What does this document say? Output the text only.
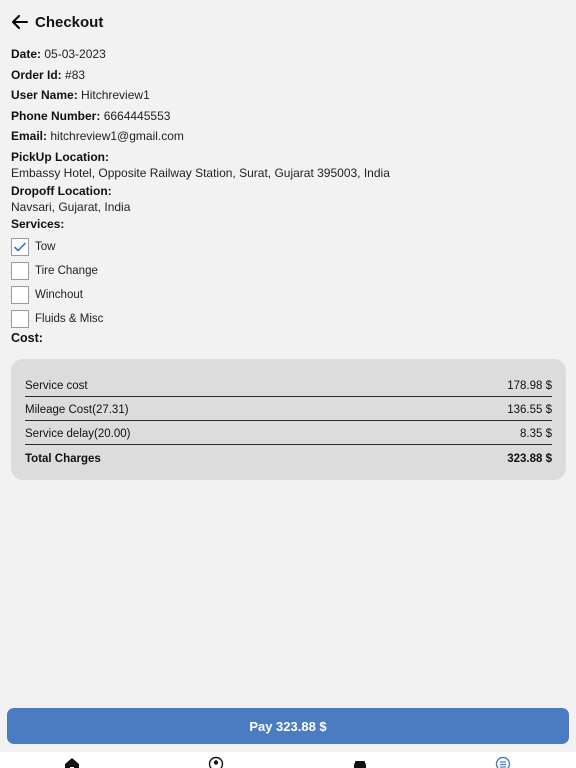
Checkout
Date: 05-03-2023
Order Id: #83
User Name: Hitchreview1
Phone Number: 6664445553
Email: hitchreview1@gmail.com
PickUp Location:
Embassy Hotel, Opposite Railway Station, Surat, Gujarat 395003, India
Dropoff Location:
Navsari, Gujarat, India
Services:
Tow
Tire Change
Winchout
Fluids & Misc
Cost:
Service cost	178.98 $
Mileage Cost(27.31)	136.55 $
Service delay(20.00)	8.35 $
Total Charges	323.88 $
Pay 323.88 $
